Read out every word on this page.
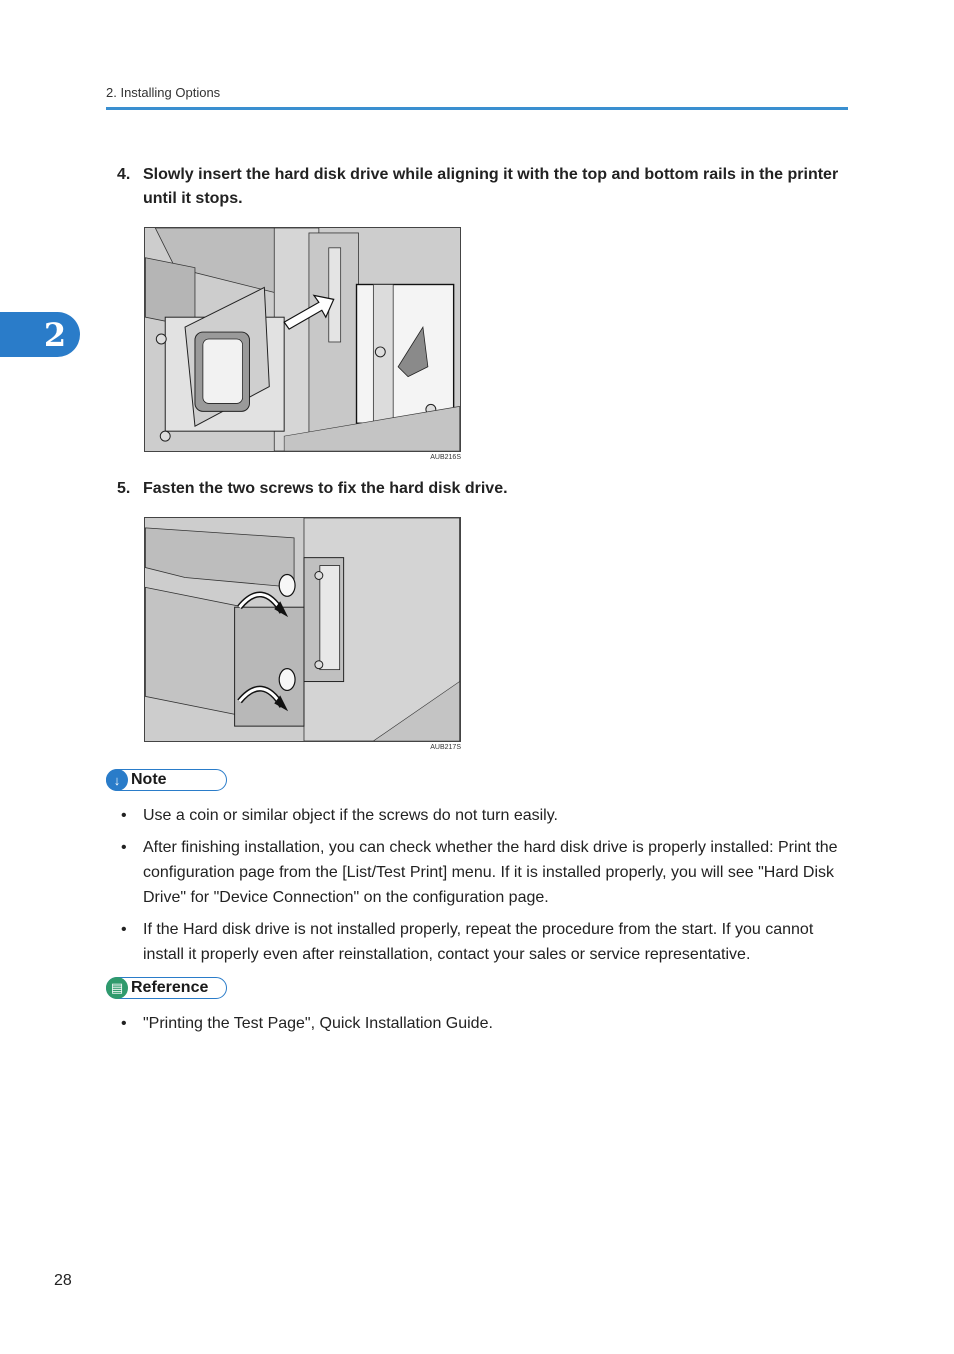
2. Installing Options
2
4. Slowly insert the hard disk drive while aligning it with the top and bottom rails in the printer until it stops.
AUB216S
5. Fasten the two screws to fix the hard disk drive.
AUB217S
↓ Note
• Use a coin or similar object if the screws do not turn easily.
• After finishing installation, you can check whether the hard disk drive is properly installed: Print the configuration page from the [List/Test Print] menu. If it is installed properly, you will see "Hard Disk Drive" for "Device Connection" on the configuration page.
• If the Hard disk drive is not installed properly, repeat the procedure from the start. If you cannot install it properly even after reinstallation, contact your sales or service representative.
▤ Reference
• "Printing the Test Page", Quick Installation Guide.
28
